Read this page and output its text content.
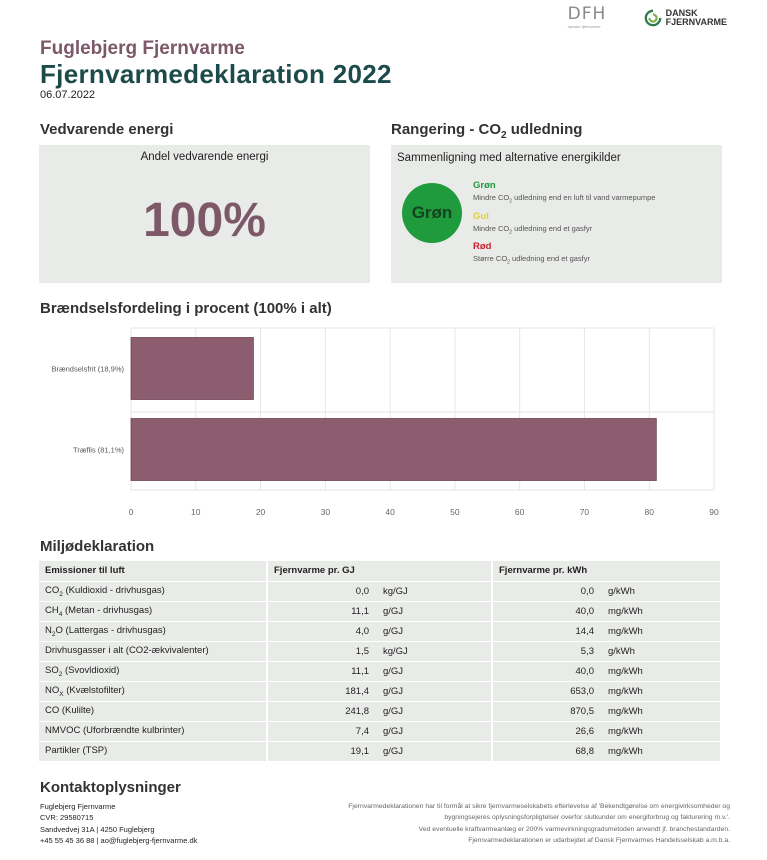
DFH
danske fjernvarme
DANSK
FJERNVARME
Fuglebjerg Fjernvarme
Fjernvarmedeklaration 2022
06.07.2022
Vedvarende energi
Andel vedvarende energi
100%
Rangering - $CO_2$ udledning
Sammenligning med alternative energikilder
Grøn
Grøn
Mindre $CO_2$ udledning end en luft til vand varmepumpe
Gul
Mindre $CO_2$ udledning end et gasfyr
Rød
Større $CO_2$ udledning end et gasfyr
Brændselsfordeling i procent (100% i alt)
0	10	20	30	40	50	60	70	80	90
Brændselsfrit (18,9%)
Træflis (81,1%)
Miljødeklaration
Emissioner til luft	Fjernvarme pr. GJ		Fjernvarme pr. kWh	
$CO_2$ (Kuldioxid - drivhusgas)	0,0	kg/GJ	0,0	g/kWh
$CH_4$ (Metan - drivhusgas)	11,1	g/GJ	40,0	mg/kWh
$N_2O$ (Lattergas - drivhusgas)	4,0	g/GJ	14,4	mg/kWh
Drivhusgasser i alt (CO2-ækvivalenter)	1,5	kg/GJ	5,3	g/kWh
$SO_2$ (Svovldioxid)	11,1	g/GJ	40,0	mg/kWh
$NO_X$ (Kvælstofilter)	181,4	g/GJ	653,0	mg/kWh
CO (Kulilte)	241,8	g/GJ	870,5	mg/kWh
NMVOC (Uforbrændte kulbrinter)	7,4	g/GJ	26,6	mg/kWh
Partikler (TSP)	19,1	g/GJ	68,8	mg/kWh
Kontaktoplysninger
Fuglebjerg Fjernvarme
CVR: 29580715
Sandvedvej 31A | 4250 Fuglebjerg
+45 55 45 36 88 | ao@fuglebjerg-fjernvarme.dk
Fjernvarmedeklarationen har til formål at sikre fjernvarmeselskabets efterlevelse af 'Bekendtgørelse om energivirksomheder og
bygningsejeres oplysningsforpligtelser overfor slutkunder om energiforbrug og fakturering m.v.'.
Ved eventuelle kraftvarmeanlæg er 200% varmevirkningsgradsmetoden anvendt jf. branchestandarden.
Fjernvarmedeklarationen er udarbejdet af Dansk Fjernvarmes Handelsselskab a.m.b.a.
